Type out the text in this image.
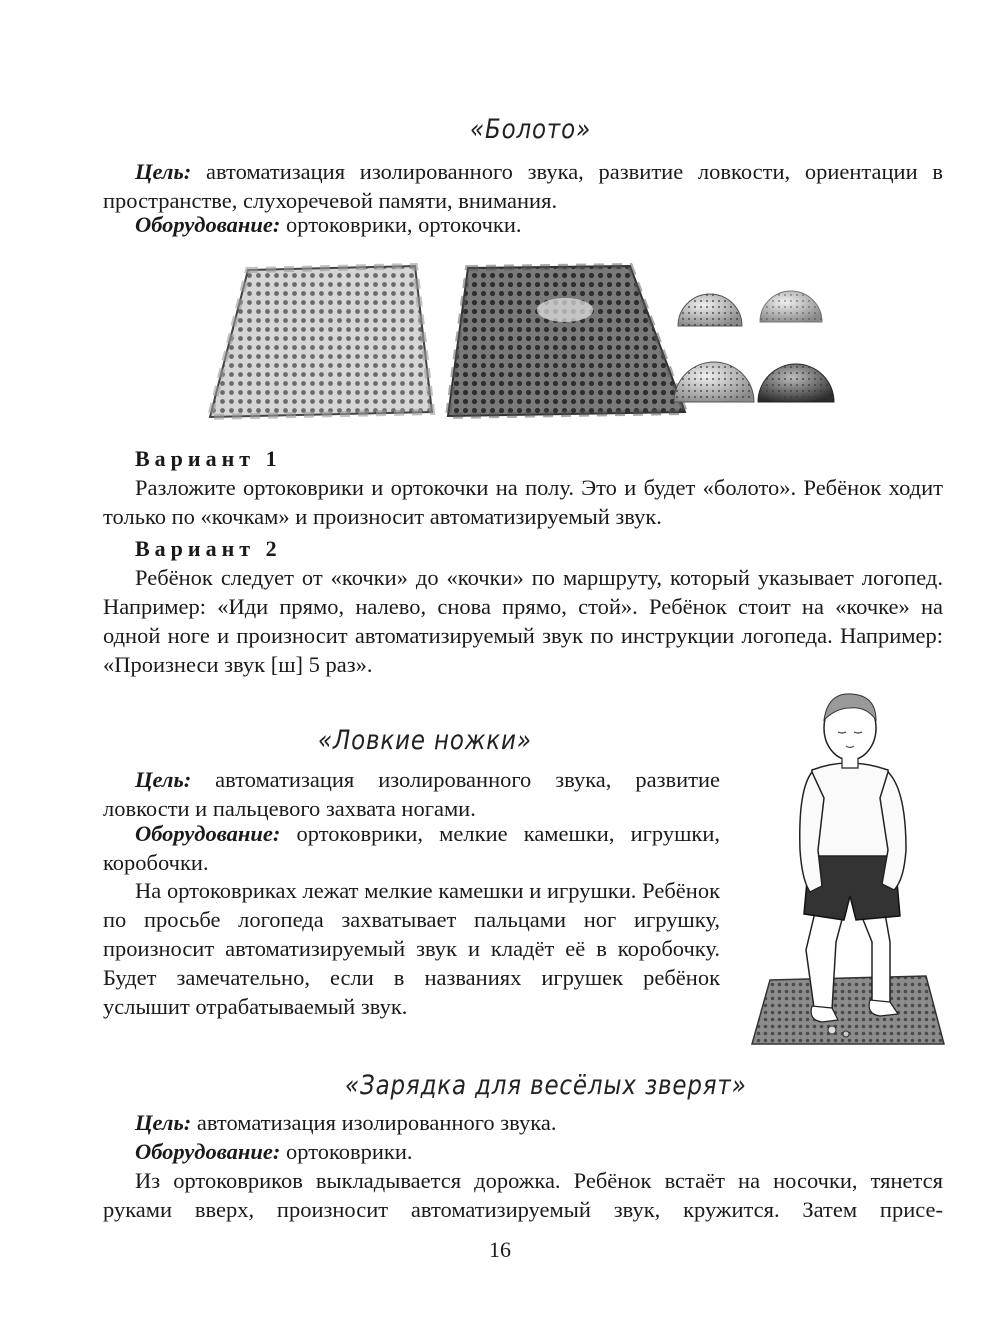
«Болото»

Цель: автоматизация изолированного звука, развитие ловкости, ориентации в пространстве, слухоречевой памяти, внимания.

Оборудование: ортоковрики, ортокочки.

Вариант 1

Разложите ортоковрики и ортокочки на полу. Это и будет «болото». Ребёнок ходит только по «кочкам» и произносит автоматизируемый звук.

Вариант 2

Ребёнок следует от «кочки» до «кочки» по маршруту, который указывает логопед. Например: «Иди прямо, налево, снова прямо, стой». Ребёнок стоит на «кочке» на одной ноге и произносит автоматизируемый звук по инструкции логопеда. Например: «Произнеси звук [ш] 5 раз».

«Ловкие ножки»

Цель: автоматизация изолированного звука, развитие ловкости и пальцевого захвата ногами.

Оборудование: ортоковрики, мелкие камешки, игрушки, коробочки.

На ортоковриках лежат мелкие камешки и игрушки. Ребёнок по просьбе логопеда захватывает пальцами ног игрушку, произносит автоматизируемый звук и кладёт её в коробочку. Будет замечательно, если в названиях игрушек ребёнок услышит отрабатываемый звук.

«Зарядка для весёлых зверят»

Цель: автоматизация изолированного звука.

Оборудование: ортоковрики.

Из ортоковриков выкладывается дорожка. Ребёнок встаёт на носочки, тянется руками вверх, произносит автоматизируемый звук, кружится. Затем присе-

16
